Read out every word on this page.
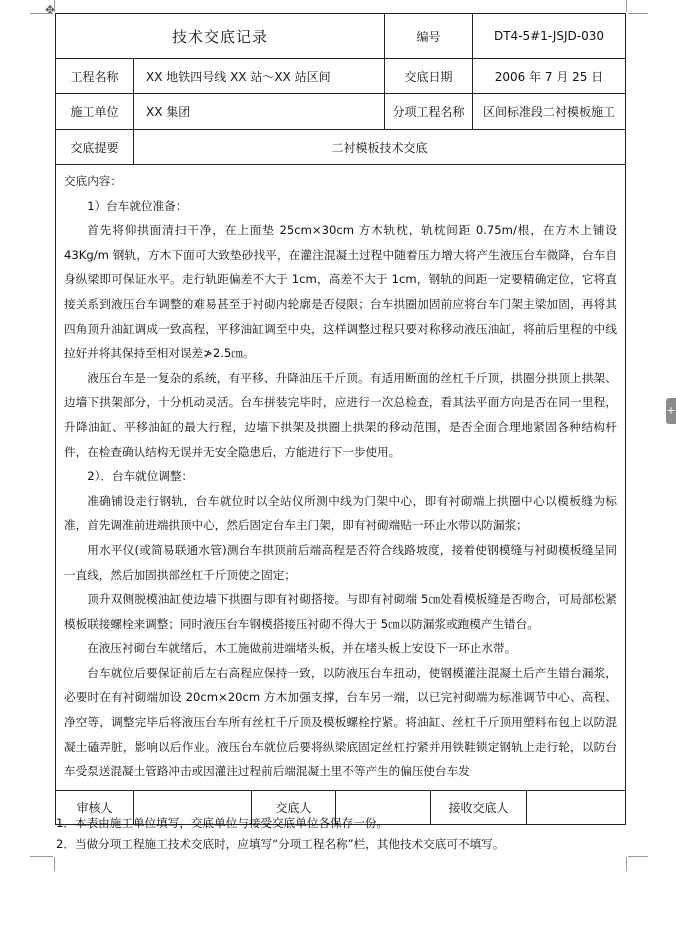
✥
+
技术交底记录	编号	DT4-5#1-JSJD-030
工程名称	XX 地铁四号线 XX 站～XX 站区间	交底日期	2006 年 7 月 25 日
施工单位	XX 集团	分项工程名称	区间标准段二衬模板施工
交底提要	二衬模板技术交底

交底内容：

1）台车就位准备：

首先将仰拱面清扫干净，在上面垫 25cm×30cm 方木轨枕，轨枕间距 0.75m/根，在方木上铺设 43Kg/m 钢轨，方木下面可大致垫砂找平，在灌注混凝土过程中随着压力增大将产生液压台车微降，台车自身纵梁即可保证水平。走行轨距偏差不大于 1cm，高差不大于 1cm，钢轨的间距一定要精确定位，它将直接关系到液压台车调整的难易甚至于衬砌内轮廓是否侵限；台车拱圈加固前应将台车门架主梁加固，再将其四角顶升油缸调成一致高程，平移油缸调至中央，这样调整过程只要对称移动液压油缸，将前后里程的中线拉好并将其保持至相对误差≯2.5㎝。

液压台车是一复杂的系统，有平移、升降油压千斤顶。有适用断面的丝杠千斤顶，拱圈分拱顶上拱架、边墙下拱架部分，十分机动灵活。台车拼装完毕时，应进行一次总检查，看其法平面方向是否在同一里程，升降油缸、平移油缸的最大行程，边墙下拱架及拱圈上拱架的移动范围，是否全面合理地紧固各种结构杆件，在检查确认结构无误并无安全隐患后，方能进行下一步使用。

2）．台车就位调整：

准确铺设走行钢轨，台车就位时以全站仪所测中线为门架中心，即有衬砌端上拱圈中心以模板缝为标准，首先调准前进端拱顶中心，然后固定台车主门架，即有衬砌端贴一环止水带以防漏浆；

用水平仪(或简易联通水管)测台车拱顶前后端高程是否符合线路坡度，接着使钢模缝与衬砌模板缝呈同一直线，然后加固拱部丝杠千斤顶使之固定；

顶升双侧脱模油缸使边墙下拱圈与即有衬砌搭接。与即有衬砌端 5㎝处看模板缝是否吻合，可局部松紧模板联接螺栓来调整；同时液压台车钢模搭接压衬砌不得大于 5㎝以防漏浆或跑模产生错台。

在液压衬砌台车就绪后，木工施做前进端堵头板，并在堵头板上安设下一环止水带。

台车就位后要保证前后左右高程应保持一致，以防液压台车扭动，使钢模灌注混凝土后产生错台漏浆，必要时在有衬砌端加设 20cm×20cm 方木加强支撑，台车另一端，以已完衬砌端为标准调节中心、高程、净空等，调整完毕后将液压台车所有丝杠千斤顶及模板螺栓拧紧。将油缸、丝杠千斤顶用塑料布包上以防混凝土磕弄脏，影响以后作业。液压台车就位后要将纵梁底固定丝杠拧紧并用铁鞋锁定钢轨上走行轮，以防台车受泵送混凝土管路冲击或因灌注过程前后端混凝土里不等产生的偏压使台车发

审核人	交底人	接收交底人
1．本表由施工单位填写，交底单位与接受交底单位各保存一份。
2．当做分项工程施工技术交底时，应填写“分项工程名称”栏，其他技术交底可不填写。
